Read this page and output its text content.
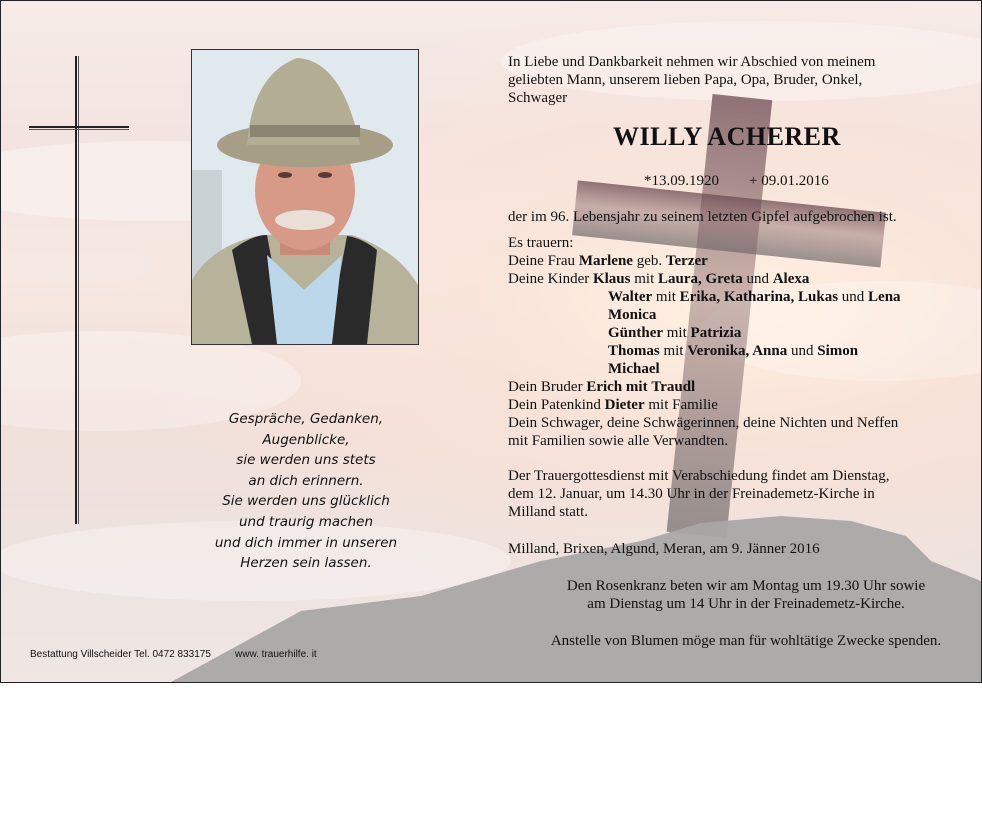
Gespräche, Gedanken,
Augenblicke,
sie werden uns stets
an dich erinnern.
Sie werden uns glücklich
und traurig machen
und dich immer in unseren
Herzen sein lassen.
Bestattung Villscheider Tel. 0472 833175 www. trauerhilfe. it
In Liebe und Dankbarkeit nehmen wir Abschied von meinem
geliebten Mann, unserem lieben Papa, Opa, Bruder, Onkel,
Schwager
WILLY ACHERER
*13.09.1920 + 09.01.2016
der im 96. Lebensjahr zu seinem letzten Gipfel aufgebrochen ist.
Es trauern:
Deine Frau Marlene geb. Terzer
Deine Kinder Klaus mit Laura, Greta und Alexa
Walter mit Erika, Katharina, Lukas und Lena
Monica
Günther mit Patrizia
Thomas mit Veronika, Anna und Simon
Michael
Dein Bruder Erich mit Traudl
Dein Patenkind Dieter mit Familie
Dein Schwager, deine Schwägerinnen, deine Nichten und Neffen
mit Familien sowie alle Verwandten.
Der Trauergottesdienst mit Verabschiedung findet am Dienstag,
dem 12. Januar, um 14.30 Uhr in der Freinademetz-Kirche in
Milland statt.
Milland, Brixen, Algund, Meran, am 9. Jänner 2016
Den Rosenkranz beten wir am Montag um 19.30 Uhr sowie
am Dienstag um 14 Uhr in der Freinademetz-Kirche.
Anstelle von Blumen möge man für wohltätige Zwecke spenden.
